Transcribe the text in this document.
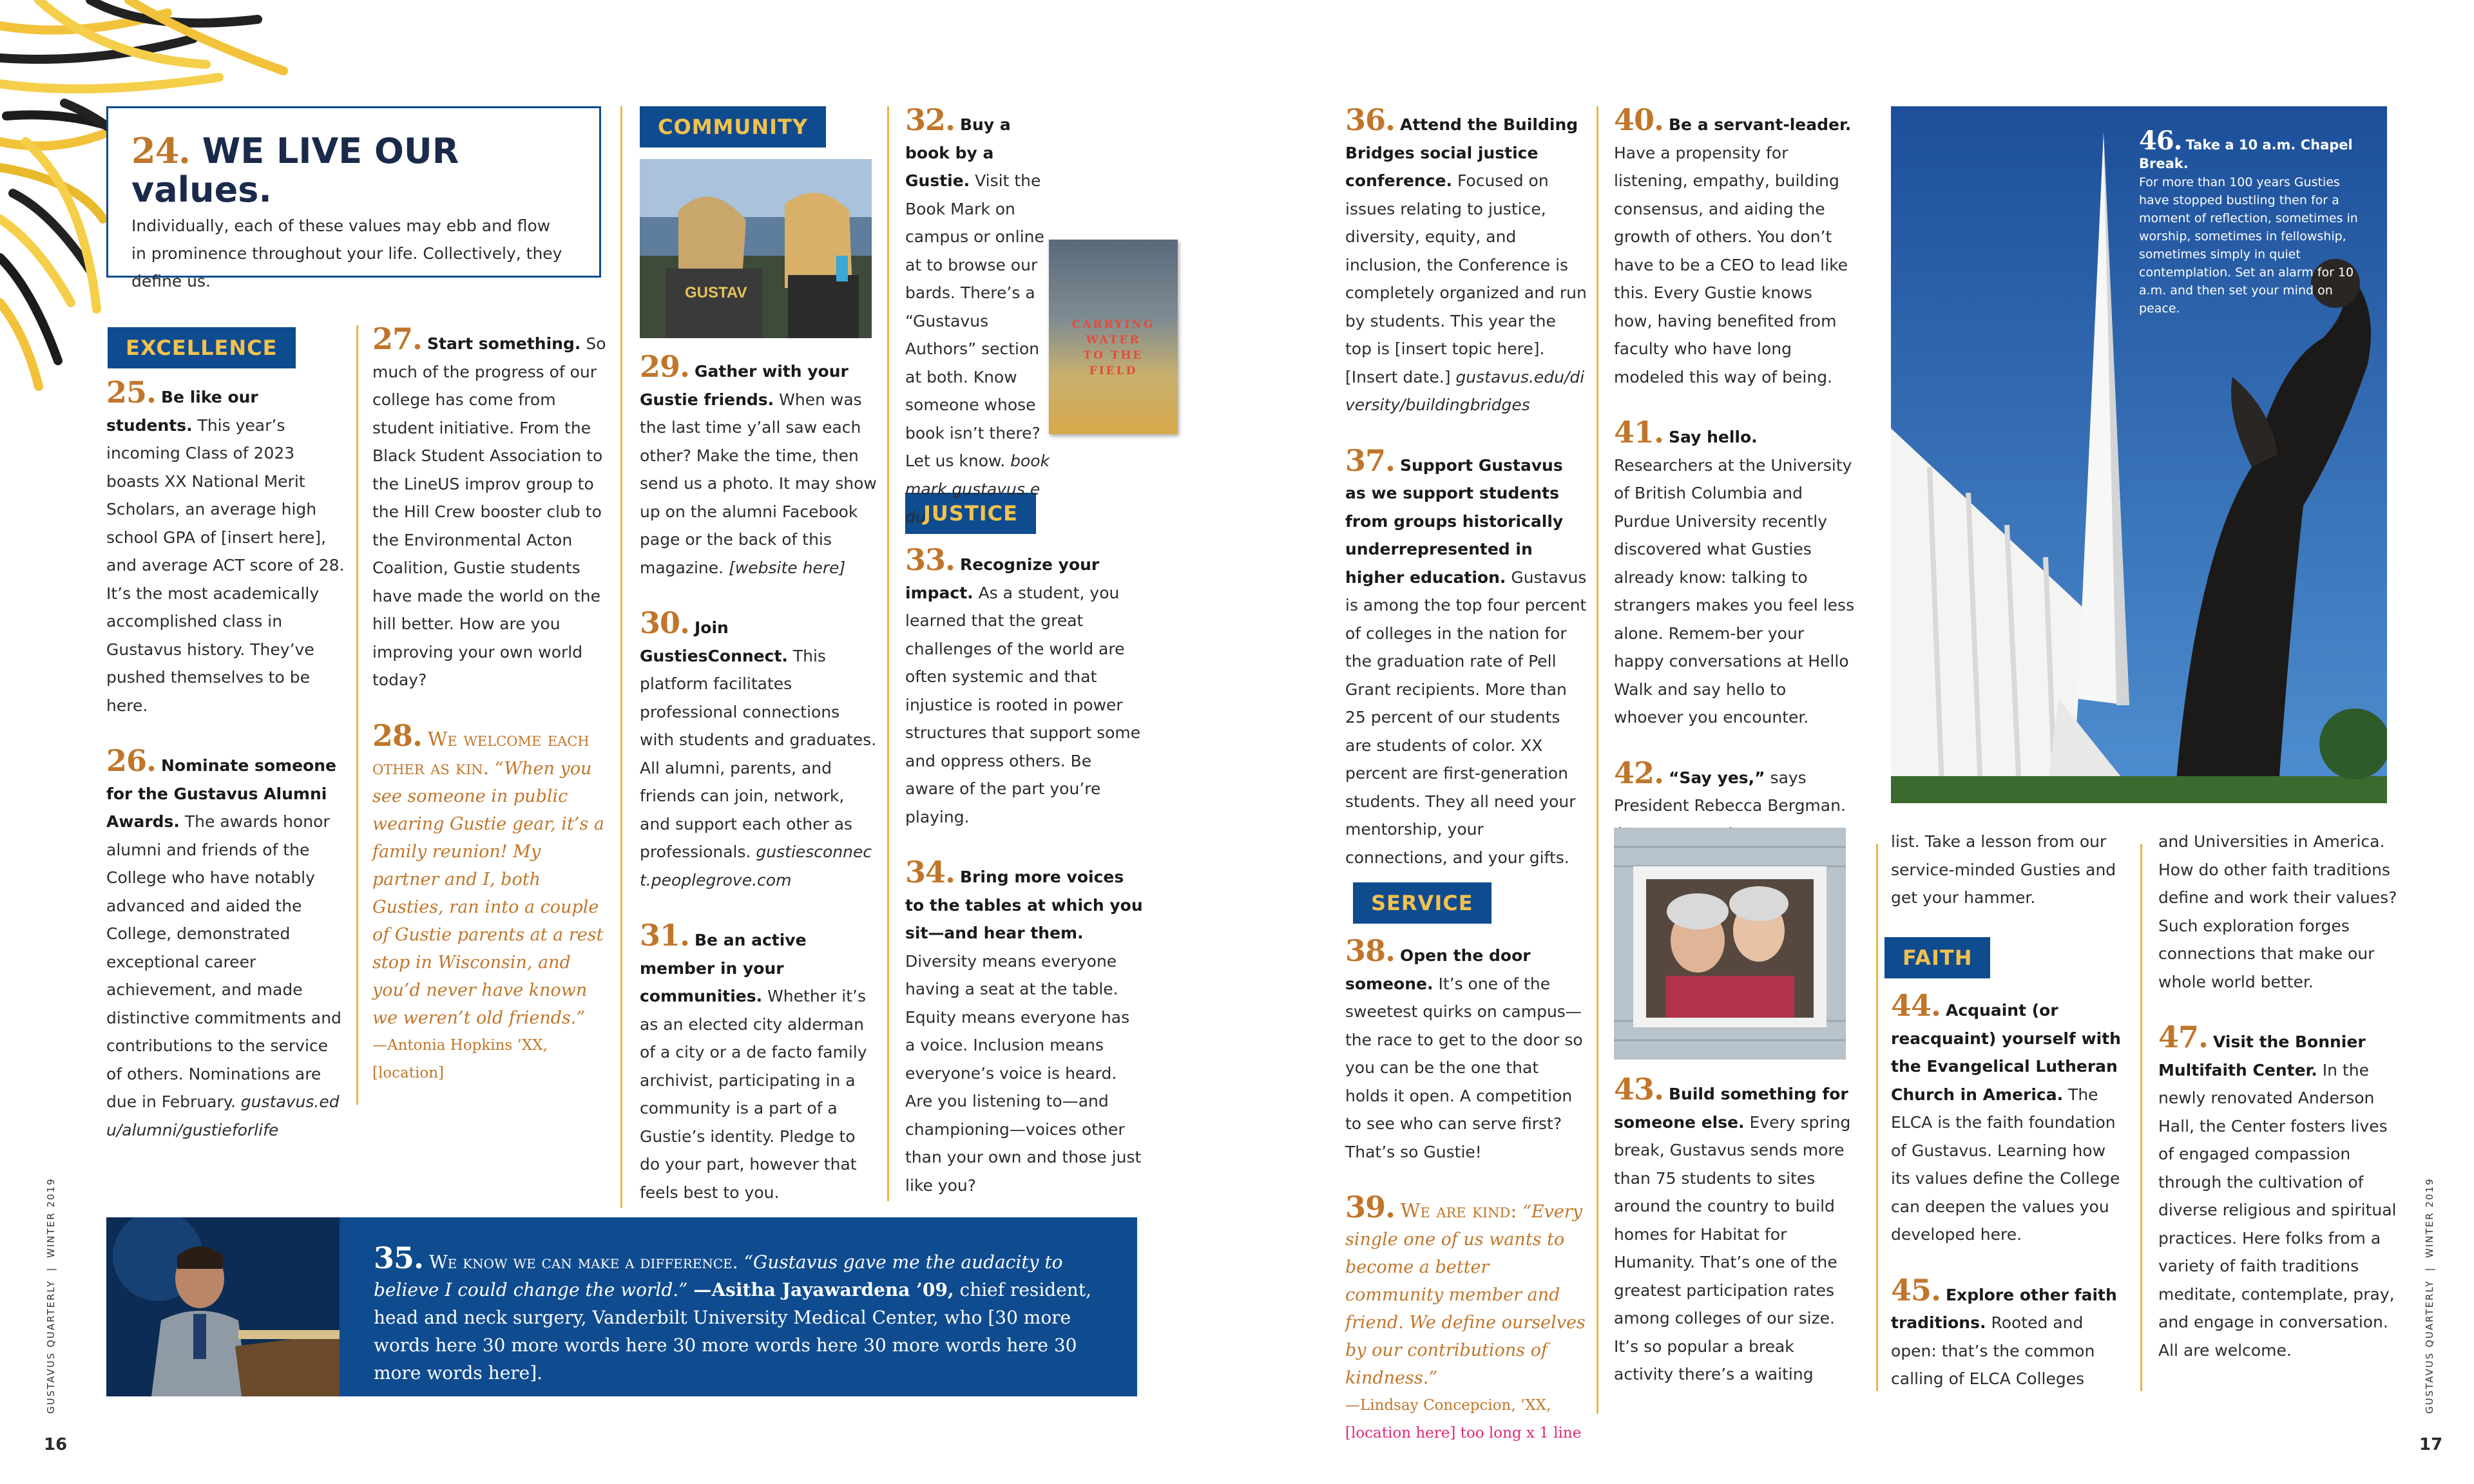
24. WE LIVE OUR values.
Individually, each of these values may ebb and flow in prominence throughout your life. Collectively, they define us.
EXCELLENCE
COMMUNITY
JUSTICE
SERVICE
FAITH

25. Be like our students. This year’s incoming Class of 2023 boasts XX National Merit Scholars, an average high school GPA of [insert here], and average ACT score of 28. It’s the most academically accomplished class in Gustavus history. They’ve pushed themselves to be here.

26. Nominate someone for the Gustavus Alumni Awards. The awards honor alumni and friends of the College who have notably advanced and aided the College, demonstrated exceptional career achievement, and made distinctive commitments and contributions to the service of others. Nominations are due in February. gustavus.edu/alumni/gustieforlife

27. Start something. So much of the progress of our college has come from student initiative. From the Black Student Association to the LineUS improv group to the Hill Crew booster club to the Environmental Acton Coalition, Gustie students have made the world on the hill better. How are you improving your own world today?

28. We welcome each other as kin. “When you see someone in public wearing Gustie gear, it’s a family reunion! My partner and I, both Gusties, ran into a couple of Gustie parents at a rest stop in Wisconsin, and you’d never have known we weren’t old friends.”
—Antonia Hopkins ’XX, [location]
GUSTAV

29. Gather with your Gustie friends. When was the last time y’all saw each other? Make the time, then send us a photo. It may show up on the alumni Facebook page or the back of this magazine. [website here]

30. Join GustiesConnect. This platform facilitates professional connections with students and graduates. All alumni, parents, and friends can join, network, and support each other as professionals. gustiesconnect.peoplegrove.com

31. Be an active member in your communities. Whether it’s as an elected city alderman of a city or a de facto family archivist, participating in a community is a part of a Gustie’s identity. Pledge to do your part, however that feels best to you.

32. Buy a book by a Gustie. Visit the Book Mark on campus or online at to browse our bards. There’s a “Gustavus Authors” section at both. Know someone whose book isn’t there? Let us know. bookmark.gustavus.edu

CARRYING
WATER
TO THE
FIELD

33. Recognize your impact. As a student, you learned that the great challenges of the world are often systemic and that injustice is rooted in power structures that support some and oppress others. Be aware of the part you’re playing.

34. Bring more voices to the tables at which you sit—and hear them. Diversity means everyone having a seat at the table. Equity means everyone has a voice. Inclusion means everyone’s voice is heard. Are you listening to—and championing—voices other than your own and those just like you?

35. We know we can make a difference. “Gustavus gave me the audacity to believe I could change the world.” —Asitha Jayawardena ’09, chief resident, head and neck surgery, Vanderbilt University Medical Center, who [30 more words here 30 more words here 30 more words here 30 more words here 30 more words here].

36. Attend the Building Bridges social justice conference. Focused on issues relating to justice, diversity, equity, and inclusion, the Conference is completely organized and run by students. This year the top is [insert topic here]. [Insert date.] gustavus.edu/diversity/buildingbridges

37. Support Gustavus as we support students from groups historically underrepresented in higher education. Gustavus is among the top four percent of colleges in the nation for the graduation rate of Pell Grant recipients. More than 25 percent of our students are students of color. XX percent are first-generation students. They all need your mentorship, your connections, and your gifts.

38. Open the door someone. It’s one of the sweetest quirks on campus—the race to get to the door so you can be the one that holds it open. A competition to see who can serve first? That’s so Gustie!

39. We are kind: “Every single one of us wants to become a better community member and friend. We define ourselves by our contributions of kindness.”
—Lindsay Concepcion, ’XX,
[location here] too long x 1 line

40. Be a servant-leader. Have a propensity for listening, empathy, building consensus, and aiding the growth of others. You don’t have to be a CEO to lead like this. Every Gustie knows how, having benefited from faculty who have long modeled this way of being.

41. Say hello. Researchers at the University of British Columbia and Purdue University recently discovered what Gusties already know: talking to strangers makes you feel less alone. Remem-ber your happy conversations at Hello Walk and say hello to whoever you encounter.

42. “Say yes,” says President Rebecca Bergman.

43. Build something for someone else. Every spring break, Gustavus sends more than 75 students to sites around the country to build homes for Habitat for Humanity. That’s one of the greatest participation rates among colleges of our size. It’s so popular a break activity there’s a waiting

46. Take a 10 a.m. Chapel Break.
For more than 100 years Gusties have stopped bustling then for a moment of reflection, sometimes in worship, sometimes in fellowship, sometimes simply in quiet contemplation. Set an alarm for 10 a.m. and then set your mind on peace.

list. Take a lesson from our service-minded Gusties and get your hammer.

44. Acquaint (or reacquaint) yourself with the Evangelical Lutheran Church in America. The ELCA is the faith foundation of Gustavus. Learning how its values define the College can deepen the values you developed here.

45. Explore other faith traditions. Rooted and open: that’s the common calling of ELCA Colleges

and Universities in America. How do other faith traditions define and work their values? Such exploration forges connections that make our whole world better.

47. Visit the Bonnier Multifaith Center. In the newly renovated Anderson Hall, the Center fosters lives of engaged compassion through the cultivation of diverse religious and spiritual practices. Here folks from a variety of faith traditions meditate, contemplate, pray, and engage in conversation. All are welcome.

GUSTAVUS QUARTERLY  |  WINTER 2019
16
GUSTAVUS QUARTERLY  |  WINTER 2019
17
